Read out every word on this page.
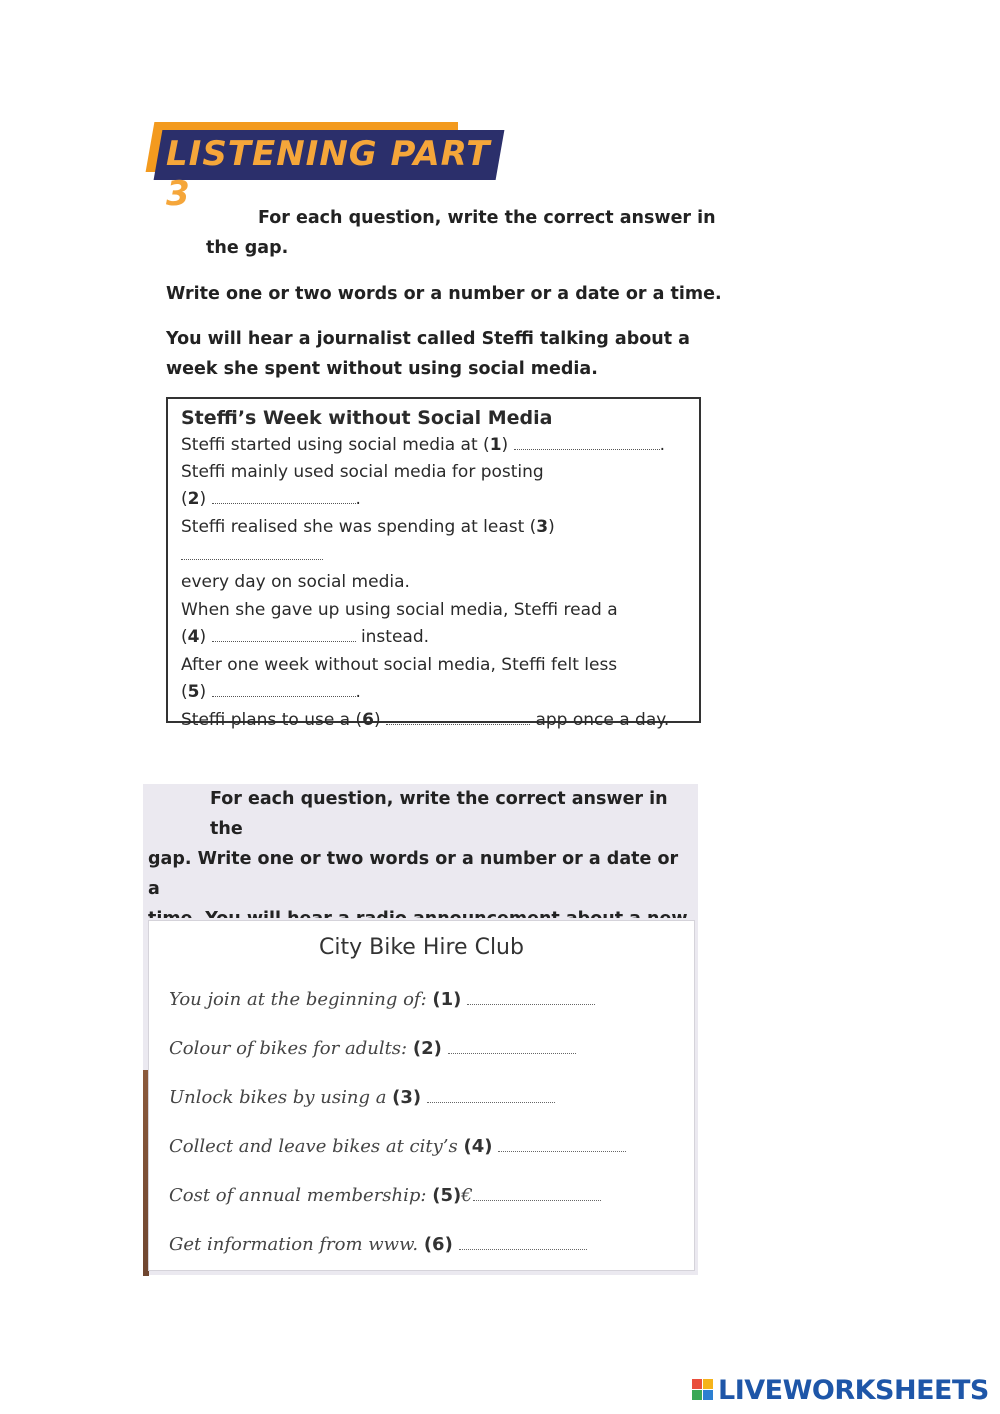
LISTENING PART 3
For each question, write the correct answer in
the gap.
Write one or two words or a number or a date or a time.
You will hear a journalist called Steffi talking about a
week she spent without using social media.
Steffi’s Week without Social Media
Steffi started using social media at (1)	.
Steffi mainly used social media for posting
(2)	.
Steffi realised she was spending at least (3)
every day on social media.
When she gave up using social media, Steffi read a
(4)	instead.
After one week without social media, Steffi felt less
(5)	.
Steffi plans to use a (6)	app once a day.
For each question, write the correct answer in the
gap. Write one or two words or a number or a date or a
City Bike Hire Club
You join at the beginning of: (1)
Colour of bikes for adults: (2)
Unlock bikes by using a (3)
Collect and leave bikes at city’s (4)
Cost of annual membership: (5)€
Get information from www. (6)
LIVEWORKSHEETS
